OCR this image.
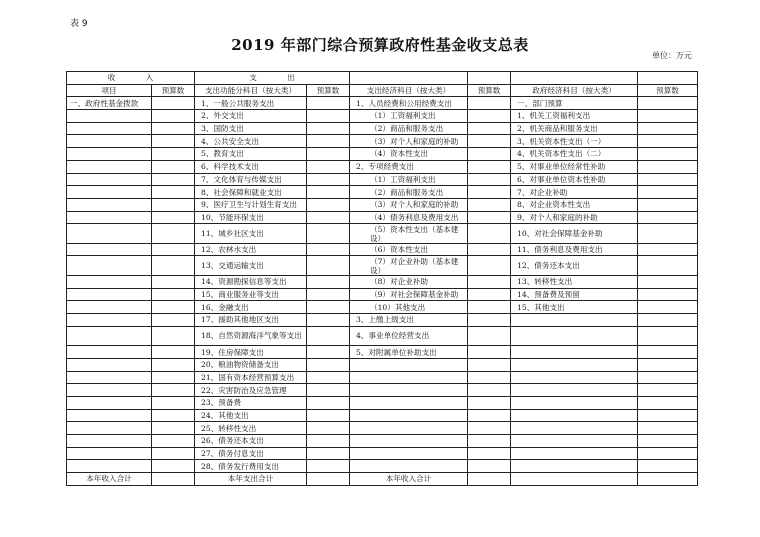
表 9
2019 年部门综合预算政府性基金收支总表
单位：万元
收　　　　入		支　　　　出					
项目	预算数	支出功能分科目（按大类）	预算数	支出经济科目（按大类）	预算数	政府经济科目（按大类）	预算数
一、政府性基金拨款		1、一般公共服务支出		1、人员经费和公用经费支出		一、部门预算	
		2、外交支出		（1）工资福利支出		1、机关工资福利支出	
		3、国防支出		（2）商品和服务支出		2、机关商品和服务支出	
		4、公共安全支出		（3）对个人和家庭的补助		3、机关资本性支出（一）	
		5、教育支出		（4）资本性支出		4、机关资本性支出（二）	
		6、科学技术支出		2、专项经费支出		5、对事业单位经常性补助	
		7、文化体育与传媒支出		（1）工资福利支出		6、对事业单位资本性补助	
		8、社会保障和就业支出		（2）商品和服务支出		7、对企业补助	
		9、医疗卫生与计划生育支出		（3）对个人和家庭的补助		8、对企业资本性支出	
		10、节能环保支出		（4）债务利息及费用支出		9、对个人和家庭的补助	
		11、城乡社区支出		（5）资本性支出（基本建设）		10、对社会保障基金补助	
		12、农林水支出		（6）资本性支出		11、债务利息及费用支出	
		13、交通运输支出		（7）对企业补助（基本建设）		12、债务还本支出	
		14、资源勘探信息等支出		（8）对企业补助		13、转移性支出	
		15、商业服务业等支出		（9）对社会保障基金补助		14、预备费及预留	
		16、金融支出		（10）其他支出		15、其他支出	
		17、援助其他地区支出		3、上缴上级支出			
		18、自然资源海洋气象等支出		4、事业单位经营支出			
		19、住房保障支出		5、对附属单位补助支出			
		20、粮油物资储备支出					
		21、国有资本经营预算支出					
		22、灾害防治及应急管理					
		23、预备费					
		24、其他支出					
		25、转移性支出					
		26、债务还本支出					
		27、债务付息支出					
		28、债务发行费用支出					
本年收入合计		本年支出合计		本年收入合计			
